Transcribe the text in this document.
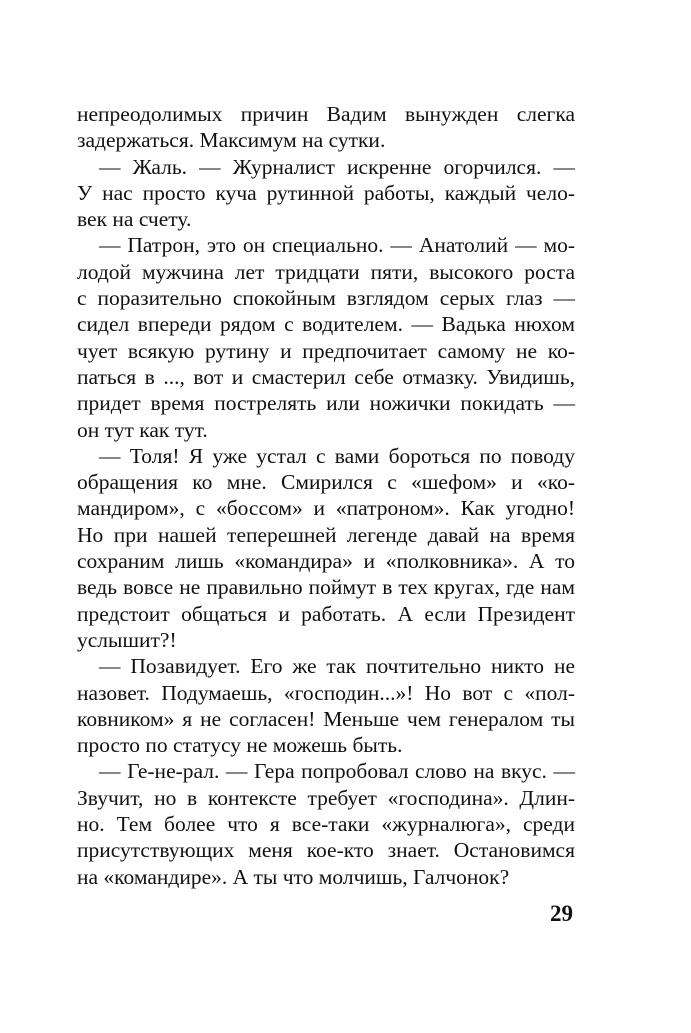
непреодолимых причин Вадим вынужден слегка
задержаться. Максимум на сутки.
— Жаль. — Журналист искренне огорчился. —
У нас просто куча рутинной работы, каждый чело-
век на счету.
— Патрон, это он специально. — Анатолий — мо-
лодой мужчина лет тридцати пяти, высокого роста
с поразительно спокойным взглядом серых глаз —
сидел впереди рядом с водителем. — Вадька нюхом
чует всякую рутину и предпочитает самому не ко-
паться в ..., вот и смастерил себе отмазку. Увидишь,
придет время пострелять или ножички покидать —
он тут как тут.
— Толя! Я уже устал с вами бороться по поводу
обращения ко мне. Смирился с «шефом» и «ко-
мандиром», с «боссом» и «патроном». Как угодно!
Но при нашей теперешней легенде давай на время
сохраним лишь «командира» и «полковника». А то
ведь вовсе не правильно поймут в тех кругах, где нам
предстоит общаться и работать. А если Президент
услышит?!
— Позавидует. Его же так почтительно никто не
назовет. Подумаешь, «господин...»! Но вот с «пол-
ковником» я не согласен! Меньше чем генералом ты
просто по статусу не можешь быть.
— Ге-не-рал. — Гера попробовал слово на вкус. —
Звучит, но в контексте требует «господина». Длин-
но. Тем более что я все-таки «журналюга», среди
присутствующих меня кое-кто знает. Остановимся
на «командире». А ты что молчишь, Галчонок?
29
